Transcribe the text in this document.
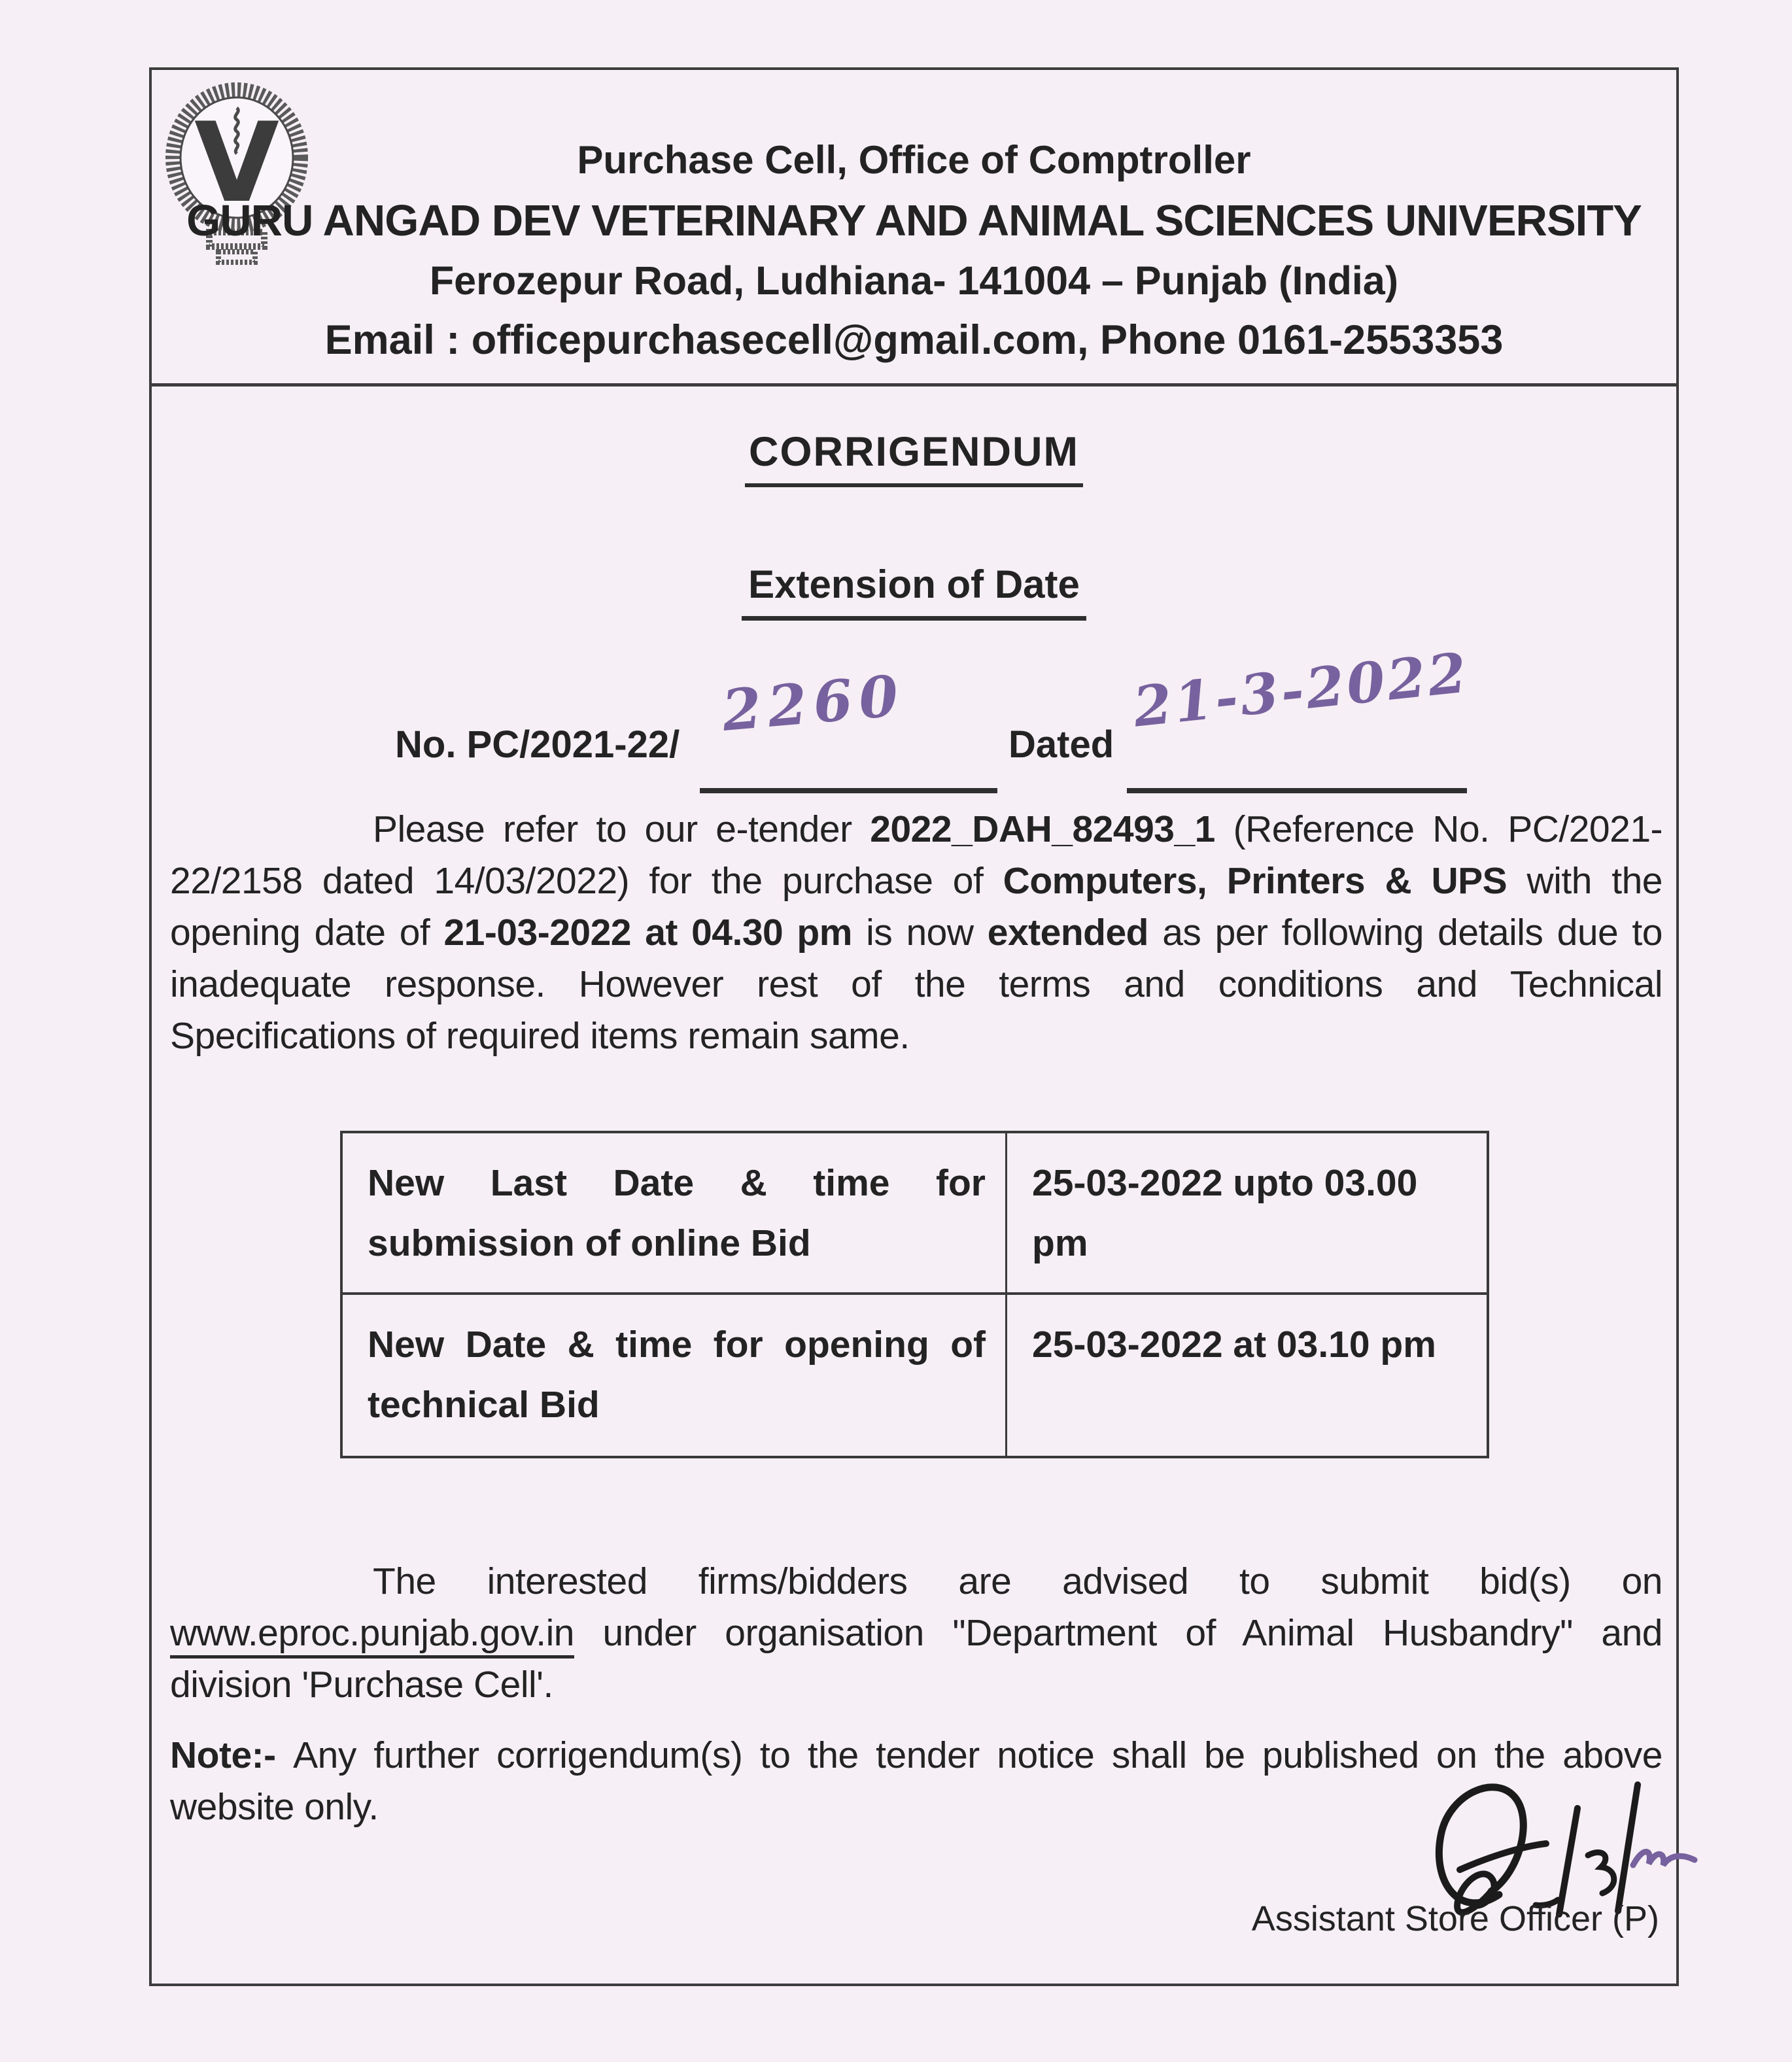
V	Purchase Cell, Office of Comptroller
GURU ANGAD DEV VETERINARY AND ANIMAL SCIENCES UNIVERSITY
Ferozepur Road, Ludhiana- 141004 – Punjab (India)
Email : officepurchasecell@gmail.com, Phone 0161-2553353
CORRIGENDUM
Extension of Date
No. PC/2021-22/
2260
Dated
21-3-2022
Please refer to our e-tender 2022_DAH_82493_1 (Reference No. PC/2021-22/2158 dated 14/03/2022) for the purchase of Computers, Printers & UPS with the opening date of 21-03-2022 at 04.30 pm is now extended as per following details due to inadequate response. However rest of the terms and conditions and Technical Specifications of required items remain same.
New Last Date & time for submission of online Bid
25-03-2022 upto 03.00 pm
New Date & time for opening of technical Bid
25-03-2022 at 03.10 pm
The interested firms/bidders are advised to submit bid(s) on www.eproc.punjab.gov.in under organisation "Department of Animal Husbandry" and division 'Purchase Cell'.
Note:- Any further corrigendum(s) to the tender notice shall be published on the above website only.
Assistant Store Officer (P)
